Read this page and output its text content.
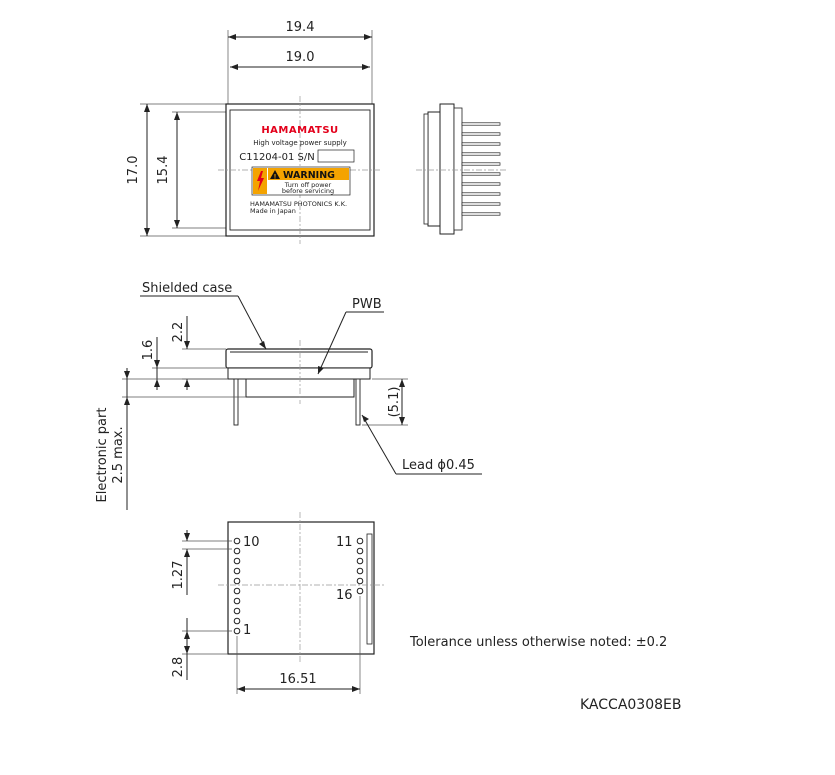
19.4
19.0
17.0 15.4
HAMAMATSU
High voltage power supply
C11204-01 S/N
! WARNING
Turn off power
before servicing
HAMAMATSU PHOTONICS K.K.
Made in Japan
2.2
1.6
Electronic part 2.5 max.
(5.1)
Shielded case
PWB
Lead ϕ0.45
10	11
16
1
1.27
2.8
16.51
Tolerance unless otherwise noted: ±0.2
KACCA0308EB
